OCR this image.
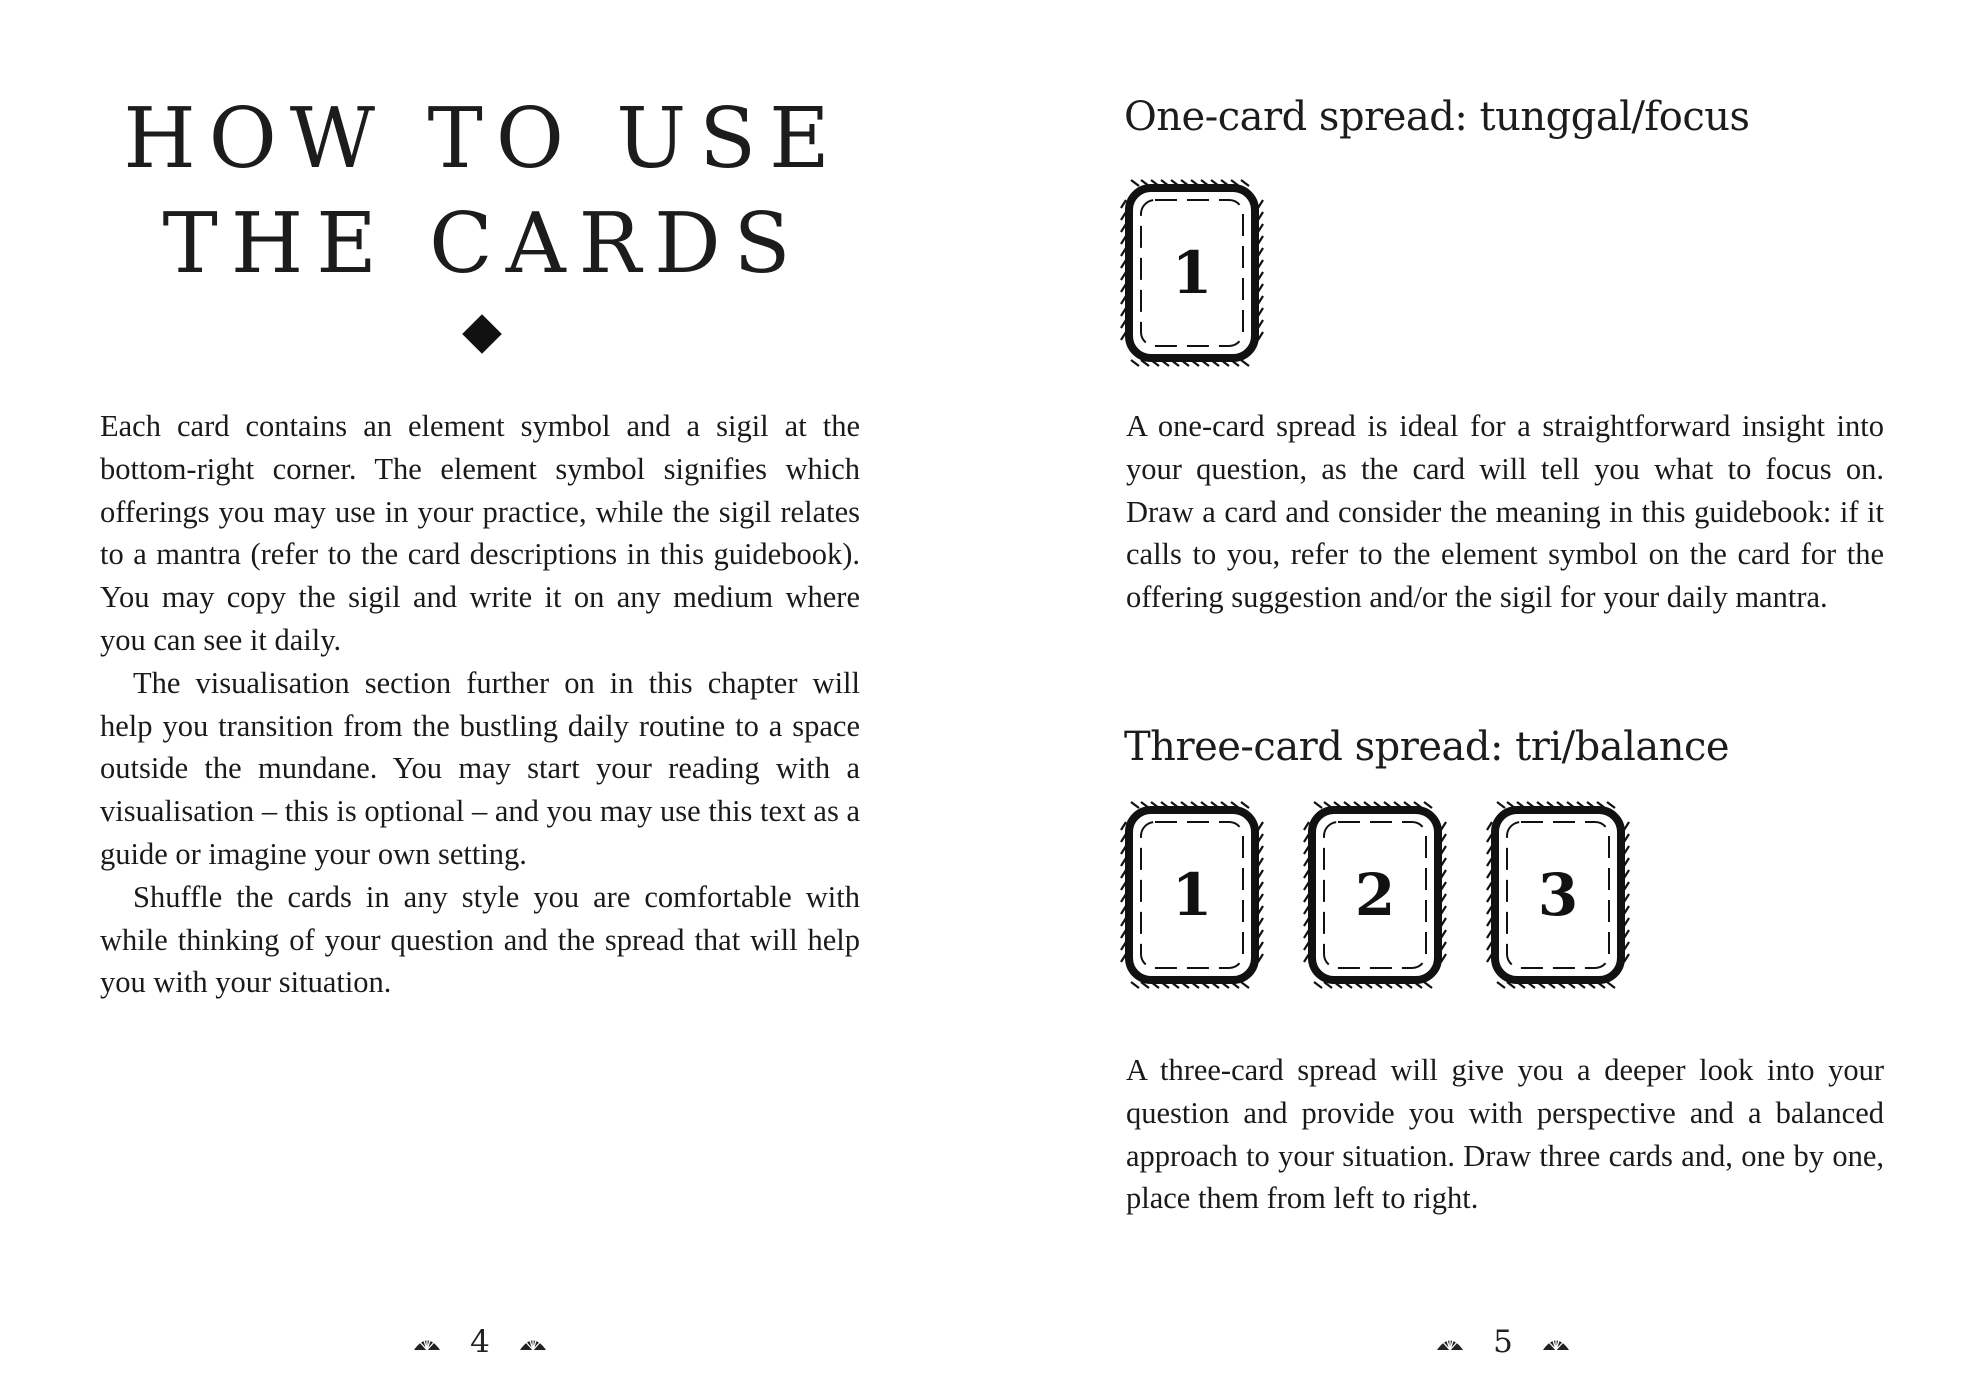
HOW TO USE
THE CARDS

Each card contains an element symbol and a sigil at the bottom-right corner. The element symbol signifies which offerings you may use in your practice, while the sigil relates to a mantra (refer to the card descriptions in this guidebook). You may copy the sigil and write it on any medium where you can see it daily.

The visualisation section further on in this chapter will help you transition from the bustling daily routine to a space outside the mundane. You may start your reading with a visualisation – this is optional – and you may use this text as a guide or imagine your own setting.

Shuffle the cards in any style you are comfortable with while thinking of your question and the spread that will help you with your situation.

4
One-card spread: tunggal/focus
1

A one-card spread is ideal for a straightforward insight into your question, as the card will tell you what to focus on. Draw a card and consider the meaning in this guidebook: if it calls to you, refer to the element symbol on the card for the offering suggestion and/or the sigil for your daily mantra.

Three-card spread: tri/balance
1	2	3

A three-card spread will give you a deeper look into your question and provide you with perspective and a balanced approach to your situation. Draw three cards and, one by one, place them from left to right.

5
